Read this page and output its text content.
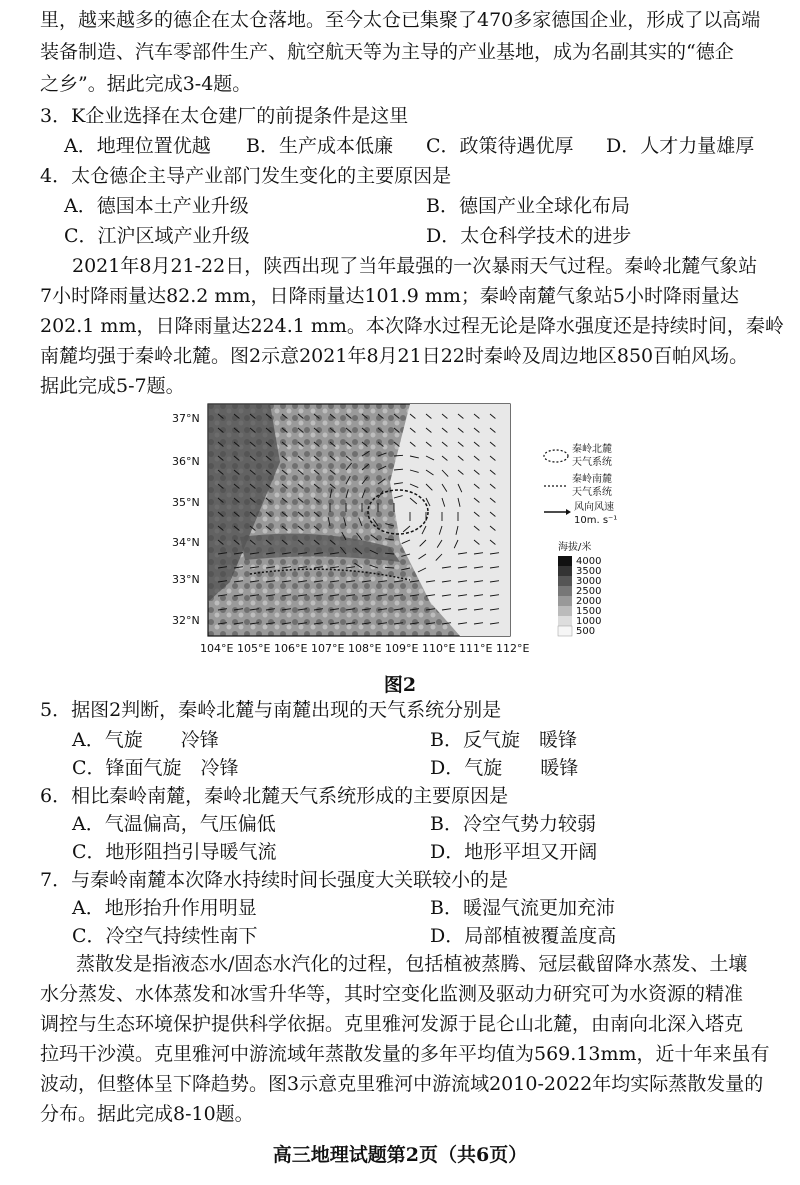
里，越来越多的德企在太仓落地。至今太仓已集聚了470多家德国企业，形成了以高端
装备制造、汽车零部件生产、航空航天等为主导的产业基地，成为名副其实的“德企
之乡”。据此完成3-4题。
3．K企业选择在太仓建厂的前提条件是这里
A．地理位置优越 B．生产成本低廉 C．政策待遇优厚 D．人才力量雄厚
4．太仓德企主导产业部门发生变化的主要原因是
A．德国本土产业升级	B．德国产业全球化布局
C．江沪区域产业升级	D．太仓科学技术的进步
2021年8月21-22日，陕西出现了当年最强的一次暴雨天气过程。秦岭北麓气象站
7小时降雨量达82.2 mm，日降雨量达101.9 mm；秦岭南麓气象站5小时降雨量达
202.1 mm，日降雨量达224.1 mm。本次降水过程无论是降水强度还是持续时间，秦岭
南麓均强于秦岭北麓。图2示意2021年8月21日22时秦岭及周边地区850百帕风场。
据此完成5-7题。
37°N
36°N
35°N
34°N
33°N
32°N
104°E 105°E 106°E 107°E 108°E 109°E 110°E 111°E 112°E
秦岭北麓
天气系统
秦岭南麓
天气系统
风向风速
10m. s⁻¹
海拔/米
4000
3500
3000
2500
2000
1500
1000
500
图2
5．据图2判断，秦岭北麓与南麓出现的天气系统分别是
A．气旋　　冷锋	B．反气旋　暖锋
C．锋面气旋　冷锋	D．气旋　　暖锋
6．相比秦岭南麓，秦岭北麓天气系统形成的主要原因是
A．气温偏高，气压偏低	B．冷空气势力较弱
C．地形阻挡引导暖气流	D．地形平坦又开阔
7．与秦岭南麓本次降水持续时间长强度大关联较小的是
A．地形抬升作用明显	B．暖湿气流更加充沛
C．冷空气持续性南下	D．局部植被覆盖度高
蒸散发是指液态水/固态水汽化的过程，包括植被蒸腾、冠层截留降水蒸发、土壤
水分蒸发、水体蒸发和冰雪升华等，其时空变化监测及驱动力研究可为水资源的精准
调控与生态环境保护提供科学依据。克里雅河发源于昆仑山北麓，由南向北深入塔克
拉玛干沙漠。克里雅河中游流域年蒸散发量的多年平均值为569.13mm，近十年来虽有
波动，但整体呈下降趋势。图3示意克里雅河中游流域2010-2022年均实际蒸散发量的
分布。据此完成8-10题。
高三地理试题第2页（共6页）
